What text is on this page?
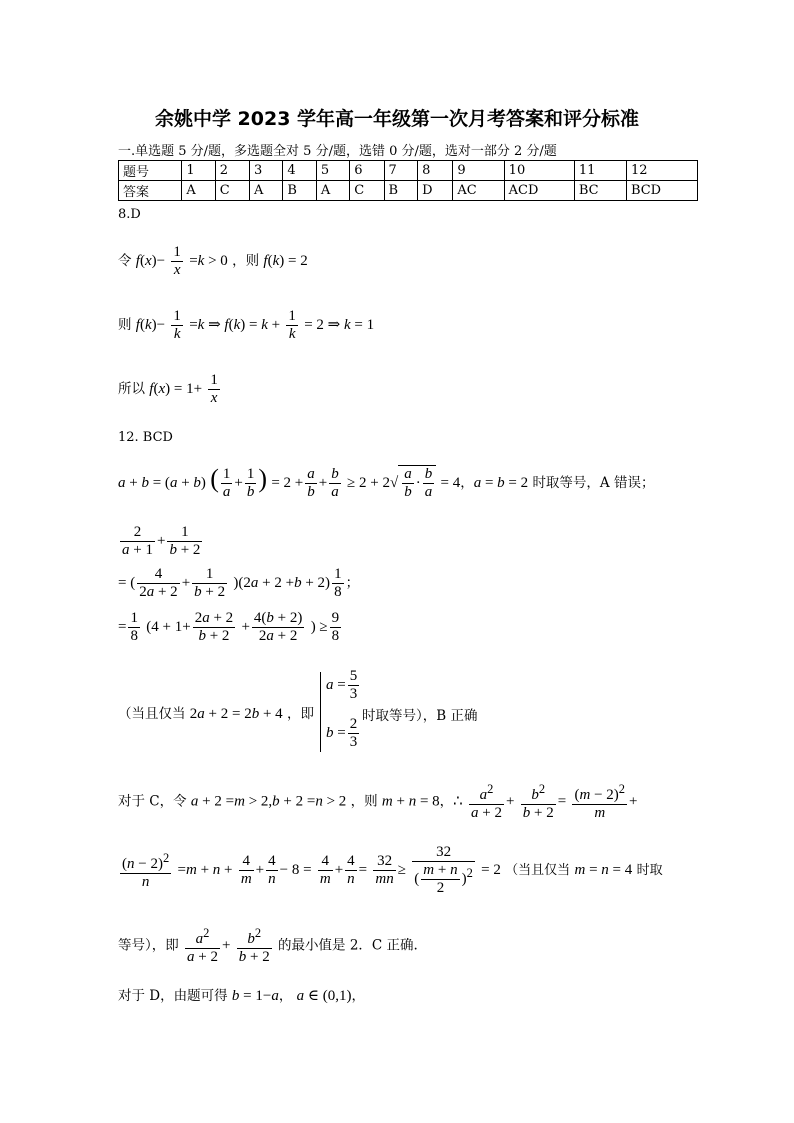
余姚中学 2023 学年高一年级第一次月考答案和评分标准
一.单选题 5 分/题，多选题全对 5 分/题，选错 0 分/题，选对一部分 2 分/题
题号	1	2	3	4	5	6	7	8	9	10	11	12
答案	A	C	A	B	A	C	B	D	AC	ACD	BC	BCD
8.D
令 $f(x)- \frac{1}{x} =k > 0$ ，则 f(k) = 2
则 $f(k)- \frac{1}{k} =k$ ⇒ $f(k) = k + \frac{1}{k} = 2$ ⇒ k = 1
所以 $f(x) = 1+ \frac{1}{x}$
12. BCD
a + b = (a + b) ( $\frac{1}{a} + \frac{1}{b}$ ) = $2 + \frac{a}{b} + \frac{b}{a} \ge 2 + 2√ \frac{a}{b} \cdot \frac{b}{a} = 4$，a = b = 2 时取等号，A 错误；
$\frac{2}{a + 1} + \frac{1}{b + 2}$
= ( $\frac{4}{2a + 2} + \frac{1}{b + 2} )(2a + 2 +b + 2) \frac{1}{8}$ ；
= $\frac{1}{8} (4 + 1+ \frac{2a + 2}{b + 2} + \frac{4(b + 2)}{2a + 2}$ ) ≥ $\frac{9}{8}$
（当且仅当 2a + 2 = 2b + 4 ，即
$a = \frac{5}{3}$
$b = \frac{2}{3}$ 时取等号），B 正确
对于 C，令 a + 2 =m > 2,b + 2 =n > 2 ，则 m + n = 8，∴ $\frac{a^2}{a + 2} + \frac{b^2}{b + 2} = \frac{(m - 2)^2}{m}$ +
$\frac{(n - 2)^2}{n} =m + n + \frac{4}{m} + \frac{4}{n} - 8 = \frac{4}{m} + \frac{4}{n} = \frac{32}{mn} \ge \frac{32}{( \frac{m + n}{2} )^2} = 2$ （当且仅当 m = n = 4 时取
等号），即 $\frac{a^2}{a + 2} + \frac{b^2}{b + 2}$ 的最小值是 2．C 正确.
对于 D，由题可得 b = 1−a， a ∈ (0,1)，
